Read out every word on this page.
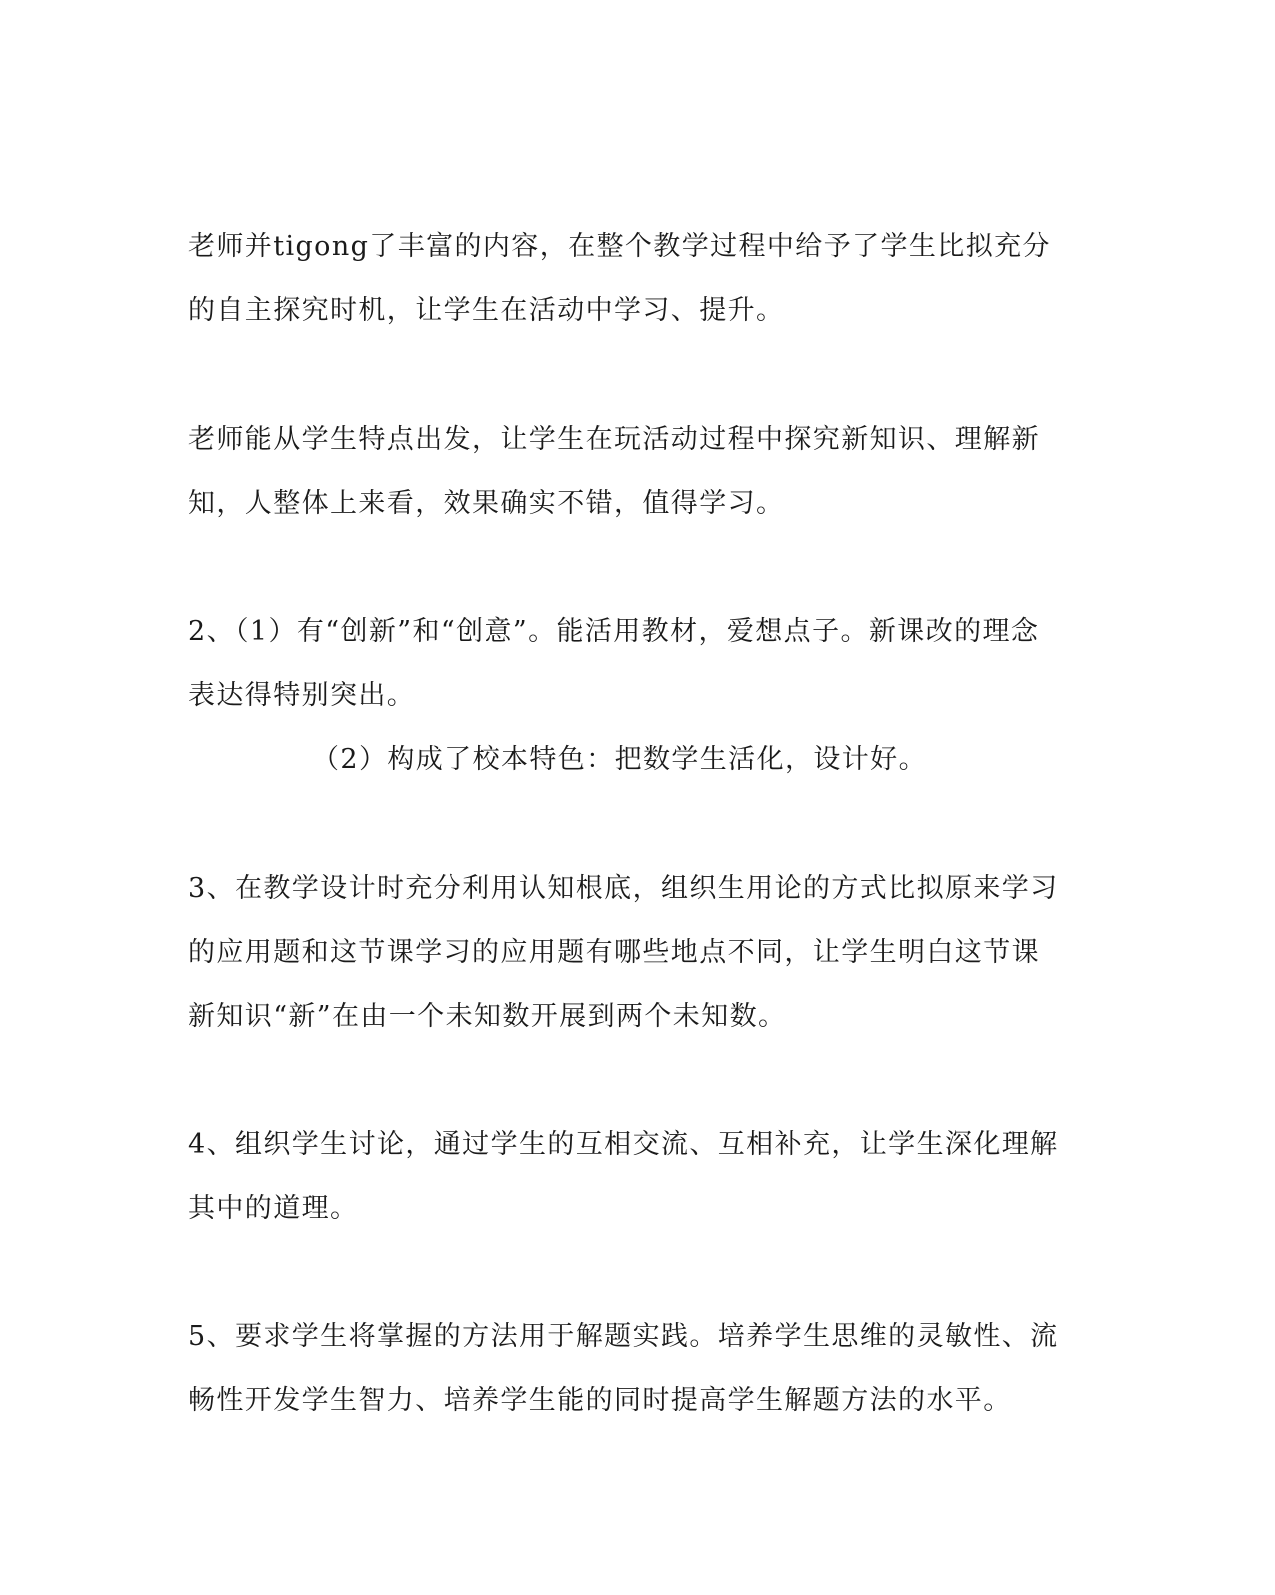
老师并tigong了丰富的内容，在整个教学过程中给予了学生比拟充分
的自主探究时机，让学生在活动中学习、提升。
老师能从学生特点出发，让学生在玩活动过程中探究新知识、理解新
知，人整体上来看，效果确实不错，值得学习。
2、（1）有“创新”和“创意”。能活用教材，爱想点子。新课改的理念
表达得特别突出。
（2）构成了校本特色：把数学生活化，设计好。
3、在教学设计时充分利用认知根底，组织生用论的方式比拟原来学习
的应用题和这节课学习的应用题有哪些地点不同，让学生明白这节课
新知识“新”在由一个未知数开展到两个未知数。
4、组织学生讨论，通过学生的互相交流、互相补充，让学生深化理解
其中的道理。
5、要求学生将掌握的方法用于解题实践。培养学生思维的灵敏性、流
畅性开发学生智力、培养学生能的同时提高学生解题方法的水平。
